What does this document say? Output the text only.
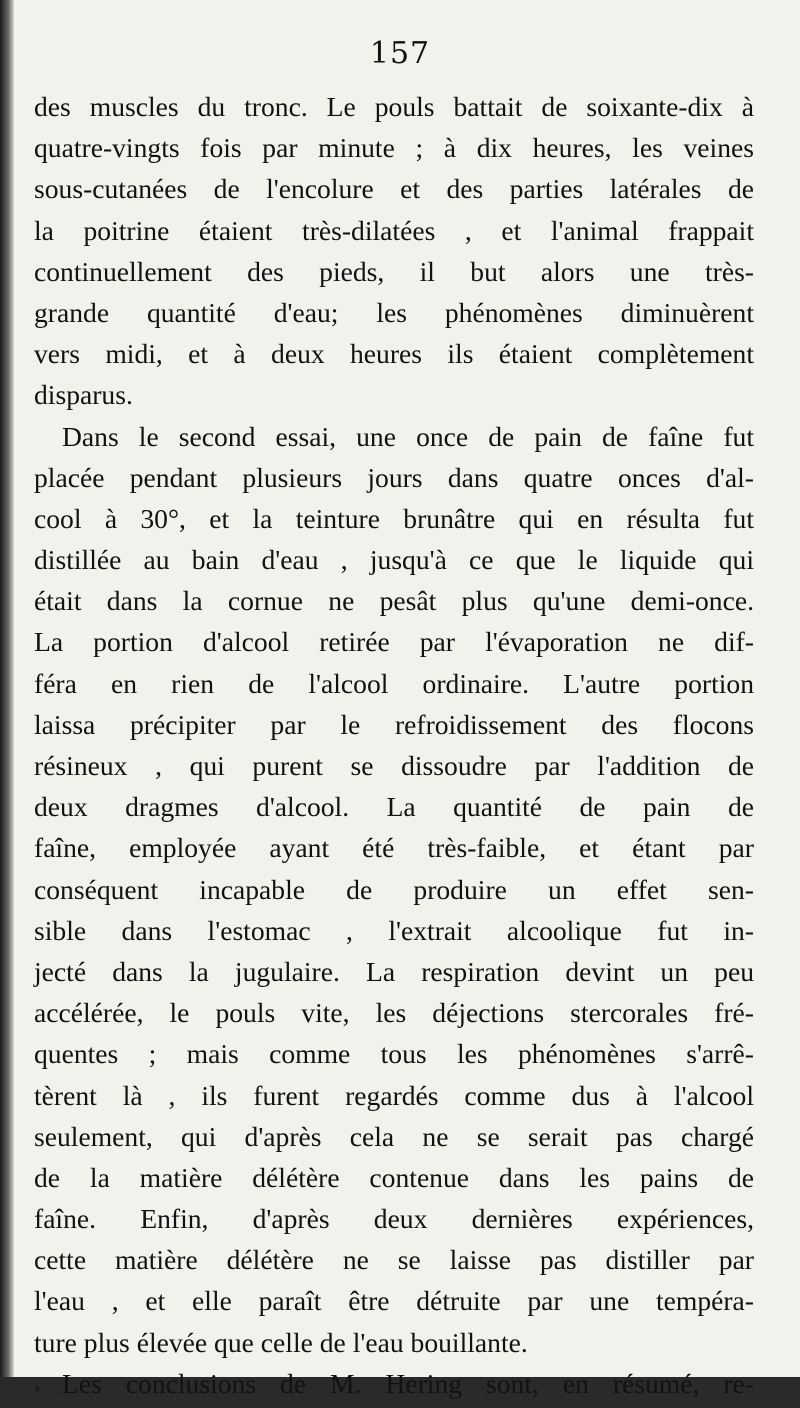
157
des muscles du tronc. Le pouls battait de soixante-dix à
quatre-vingts fois par minute ; à dix heures, les veines
sous-cutanées de l'encolure et des parties latérales de
la poitrine étaient très-dilatées , et l'animal frappait
continuellement des pieds, il but alors une très-
grande quantité d'eau; les phénomènes diminuèrent
vers midi, et à deux heures ils étaient complètement
disparus.
Dans le second essai, une once de pain de faîne fut
placée pendant plusieurs jours dans quatre onces d'al-
cool à 30°, et la teinture brunâtre qui en résulta fut
distillée au bain d'eau , jusqu'à ce que le liquide qui
était dans la cornue ne pesât plus qu'une demi-once.
La portion d'alcool retirée par l'évaporation ne dif-
féra en rien de l'alcool ordinaire. L'autre portion
laissa précipiter par le refroidissement des flocons
résineux , qui purent se dissoudre par l'addition de
deux dragmes d'alcool. La quantité de pain de
faîne, employée ayant été très-faible, et étant par
conséquent incapable de produire un effet sen-
sible dans l'estomac , l'extrait alcoolique fut in-
jecté dans la jugulaire. La respiration devint un peu
accélérée, le pouls vite, les déjections stercorales fré-
quentes ; mais comme tous les phénomènes s'arrê-
tèrent là , ils furent regardés comme dus à l'alcool
seulement, qui d'après cela ne se serait pas chargé
de la matière délétère contenue dans les pains de
faîne. Enfin, d'après deux dernières expériences,
cette matière délétère ne se laisse pas distiller par
l'eau , et elle paraît être détruite par une tempéra-
ture plus élevée que celle de l'eau bouillante.
› Les conclusions de M. Hering sont, en résumé, re-
